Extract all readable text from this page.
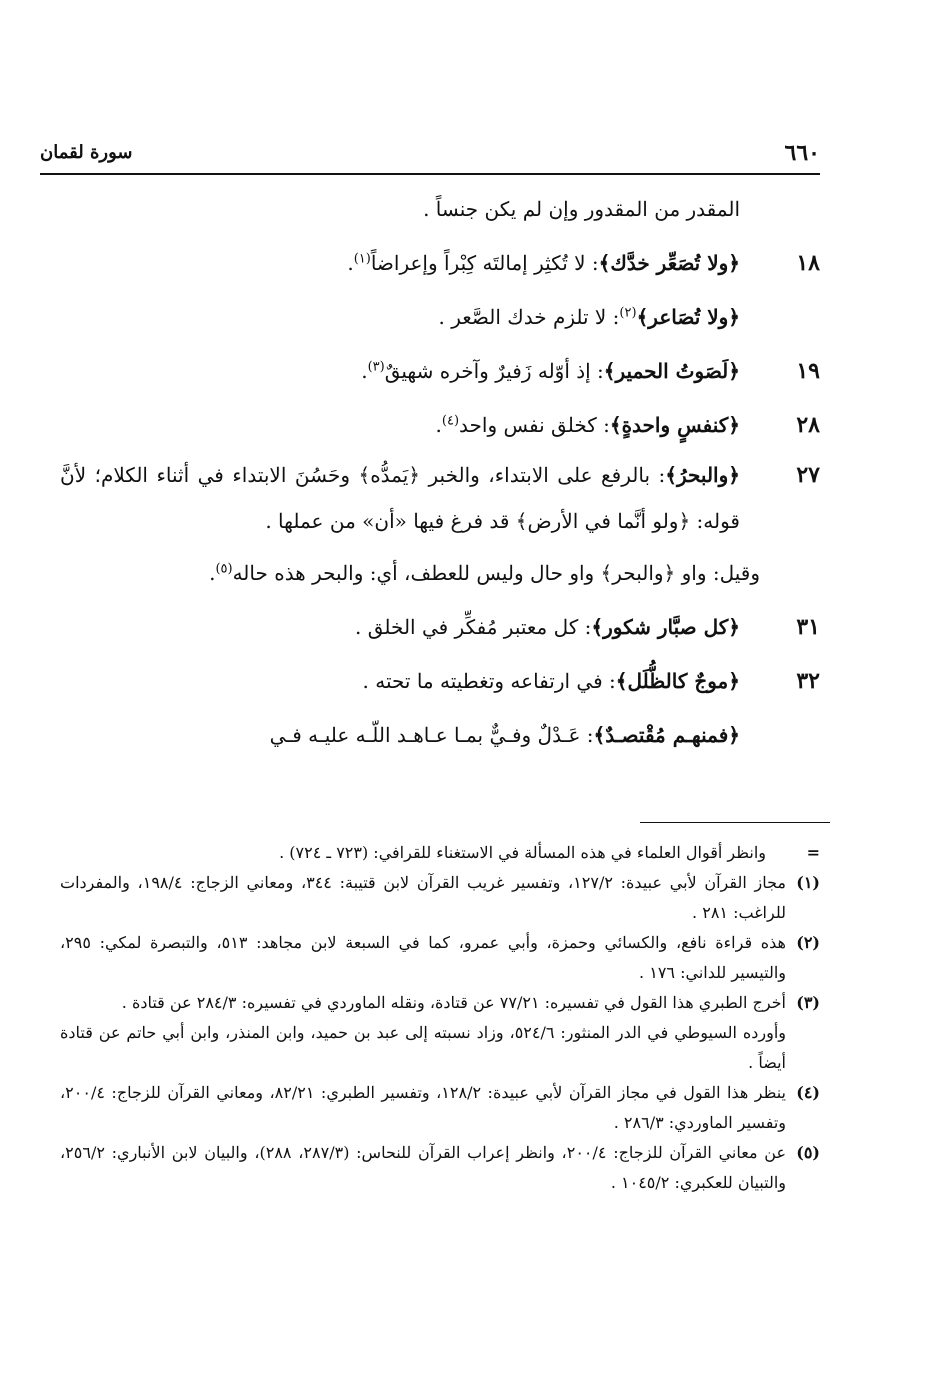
٦٦٠
سورة لقمان
المقدر من المقدور وإن لم يكن جنساً .
١٨
﴿ولا تُصَعِّر خدَّك﴾: لا تُكثِر إمالتَه كِبْراً وإعراضاً$^{(١)}$.
﴿ولا تُصَاعر﴾$^{(٢)}$: لا تلزم خدك الصَّعر .
١٩
﴿لَصَوتُ الحمير﴾: إذ أوّله زَفيرٌ وآخره شهيقٌ$^{(٣)}$.
٢٨
﴿كنفسٍ واحدةٍ﴾: كخلق نفس واحد$^{(٤)}$.
٢٧
﴿والبحرُ﴾: بالرفع على الابتداء، والخبر ﴿يَمدُّه﴾ وحَسُنَ الابتداء في أثناء الكلام؛ لأنَّ قوله: ﴿ولو أنَّما في الأرض﴾ قد فرغ فيها «أن» من عملها .
وقيل: واو ﴿والبحر﴾ واو حال وليس للعطف، أي: والبحر هذه حاله$^{(٥)}$.
٣١
﴿كل صبَّار شكور﴾: كل معتبر مُفكِّر في الخلق .
٣٢
﴿موجٌ كالظُّلَل﴾: في ارتفاعه وتغطيته ما تحته .
﴿فمنهـم مُقْتصـدٌ﴾: عَـدْلٌ وفـيٌّ بمـا عـاهـد اللّـه عليـه فـي
=
وانظر أقوال العلماء في هذه المسألة في الاستغناء للقرافي: (٧٢٣ ـ ٧٢٤) .
(١)
مجاز القرآن لأبي عبيدة: ١٢٧/٢، وتفسير غريب القرآن لابن قتيبة: ٣٤٤، ومعاني الزجاج: ١٩٨/٤، والمفردات للراغب: ٢٨١ .
(٢)
هذه قراءة نافع، والكسائي وحمزة، وأبي عمرو، كما في السبعة لابن مجاهد: ٥١٣، والتبصرة لمكي: ٢٩٥، والتيسير للداني: ١٧٦ .
(٣)
أخرج الطبري هذا القول في تفسيره: ٧٧/٢١ عن قتادة، ونقله الماوردي في تفسيره: ٢٨٤/٣ عن قتادة .
وأورده السيوطي في الدر المنثور: ٥٢٤/٦، وزاد نسبته إلى عبد بن حميد، وابن المنذر، وابن أبي حاتم عن قتادة أيضاً .
(٤)
ينظر هذا القول في مجاز القرآن لأبي عبيدة: ١٢٨/٢، وتفسير الطبري: ٨٢/٢١، ومعاني القرآن للزجاج: ٢٠٠/٤، وتفسير الماوردي: ٢٨٦/٣ .
(٥)
عن معاني القرآن للزجاج: ٢٠٠/٤، وانظر إعراب القرآن للنحاس: (٢٨٧/٣، ٢٨٨)، والبيان لابن الأنباري: ٢٥٦/٢، والتبيان للعكبري: ١٠٤٥/٢ .
